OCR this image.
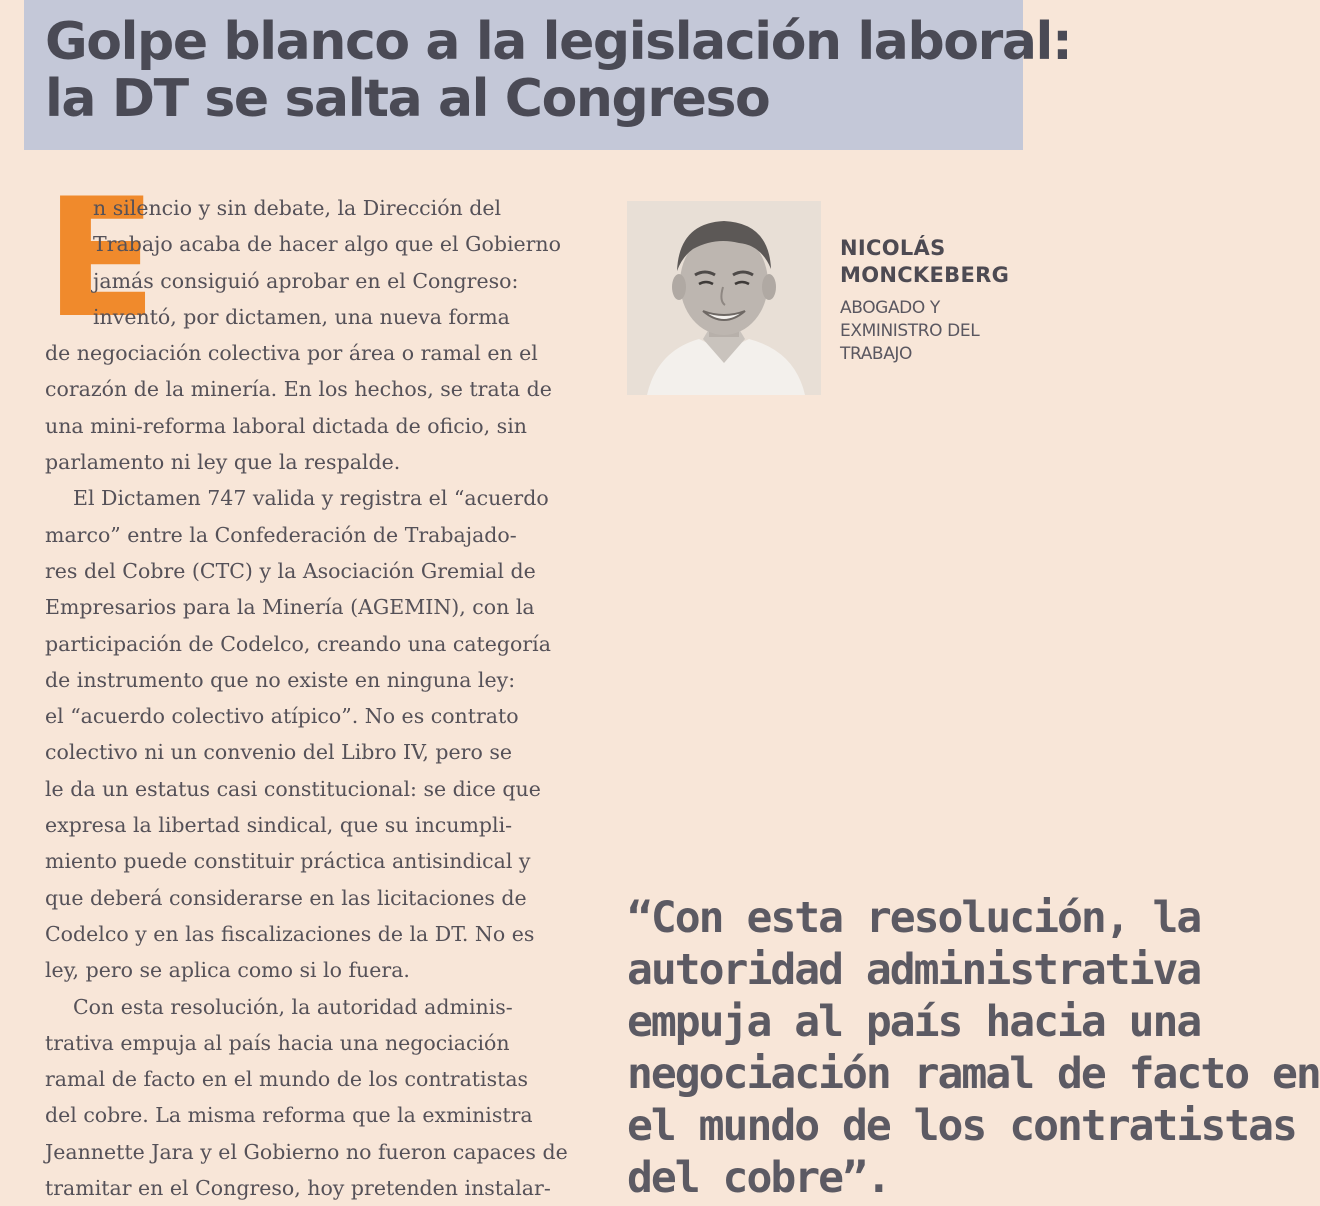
Golpe blanco a la legislación laboral:
la DT se salta al Congreso
E
n silencio y sin debate, la Dirección del
Trabajo acaba de hacer algo que el Gobierno
jamás consiguió aprobar en el Congreso:
inventó, por dictamen, una nueva forma
de negociación colectiva por área o ramal en el
corazón de la minería. En los hechos, se trata de
una mini-reforma laboral dictada de oficio, sin
parlamento ni ley que la respalde.
El Dictamen 747 valida y registra el “acuerdo
marco” entre la Confederación de Trabajado-
res del Cobre (CTC) y la Asociación Gremial de
Empresarios para la Minería (AGEMIN), con la
participación de Codelco, creando una categoría
de instrumento que no existe en ninguna ley:
el “acuerdo colectivo atípico”. No es contrato
colectivo ni un convenio del Libro IV, pero se
le da un estatus casi constitucional: se dice que
expresa la libertad sindical, que su incumpli-
miento puede constituir práctica antisindical y
que deberá considerarse en las licitaciones de
Codelco y en las fiscalizaciones de la DT. No es
ley, pero se aplica como si lo fuera.
Con esta resolución, la autoridad adminis-
trativa empuja al país hacia una negociación
ramal de facto en el mundo de los contratistas
del cobre. La misma reforma que la exministra
Jeannette Jara y el Gobierno no fueron capaces de
tramitar en el Congreso, hoy pretenden instalar-
NICOLÁS
MONCKEBERG
ABOGADO Y
EXMINISTRO DEL
TRABAJO
“Con esta resolución, la
autoridad administrativa
empuja al país hacia una
negociación ramal de facto en
el mundo de los contratistas
del cobre”.
